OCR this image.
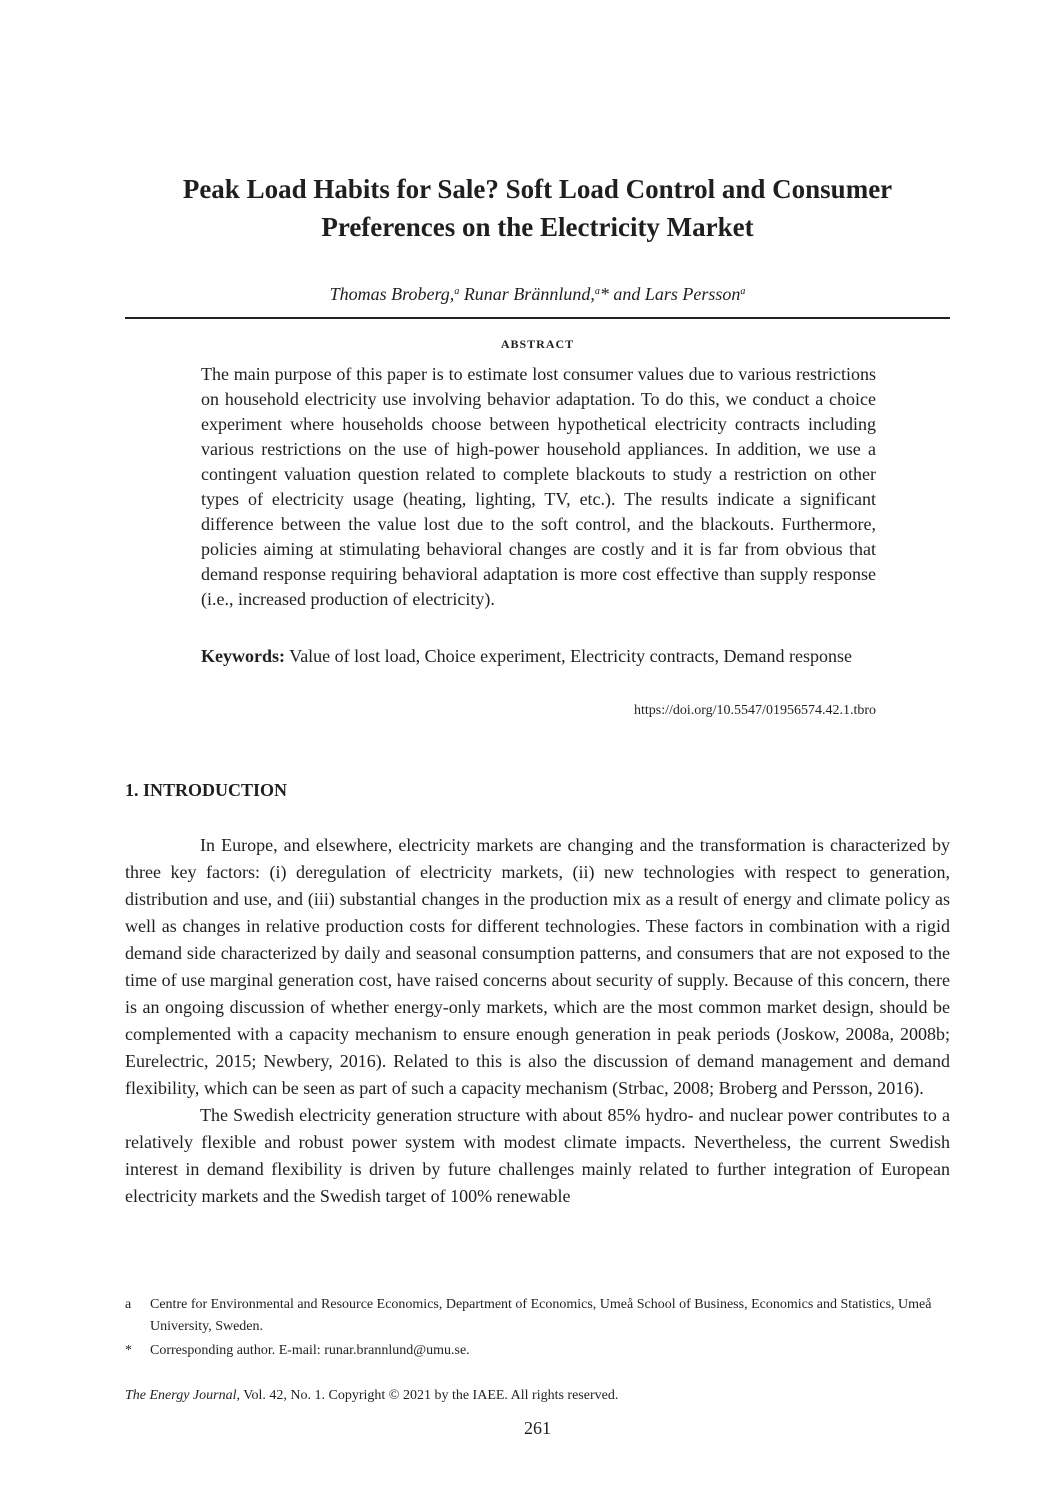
Peak Load Habits for Sale? Soft Load Control and Consumer
Preferences on the Electricity Market
Thomas Broberg,$^a$ Runar Brännlund,$^a$* and Lars Persson$^a$
ABSTRACT

The main purpose of this paper is to estimate lost consumer values due to various restrictions on household electricity use involving behavior adaptation. To do this, we conduct a choice experiment where households choose between hypothetical electricity contracts including various restrictions on the use of high-power household appliances. In addition, we use a contingent valuation question related to complete blackouts to study a restriction on other types of electricity usage (heating, lighting, TV, etc.). The results indicate a significant difference between the value lost due to the soft control, and the blackouts. Furthermore, policies aiming at stimulating behavioral changes are costly and it is far from obvious that demand response requiring behavioral adaptation is more cost effective than supply response (i.e., increased production of electricity).

Keywords: Value of lost load, Choice experiment, Electricity contracts, Demand response

https://doi.org/10.5547/01956574.42.1.tbro
1. INTRODUCTION

In Europe, and elsewhere, electricity markets are changing and the transformation is characterized by three key factors: (i) deregulation of electricity markets, (ii) new technologies with respect to generation, distribution and use, and (iii) substantial changes in the production mix as a result of energy and climate policy as well as changes in relative production costs for different technologies. These factors in combination with a rigid demand side characterized by daily and seasonal consumption patterns, and consumers that are not exposed to the time of use marginal generation cost, have raised concerns about security of supply. Because of this concern, there is an ongoing discussion of whether energy-only markets, which are the most common market design, should be complemented with a capacity mechanism to ensure enough generation in peak periods (Joskow, 2008a, 2008b; Eurelectric, 2015; Newbery, 2016). Related to this is also the discussion of demand management and demand flexibility, which can be seen as part of such a capacity mechanism (Strbac, 2008; Broberg and Persson, 2016).

The Swedish electricity generation structure with about 85% hydro- and nuclear power contributes to a relatively flexible and robust power system with modest climate impacts. Nevertheless, the current Swedish interest in demand flexibility is driven by future challenges mainly related to further integration of European electricity markets and the Swedish target of 100% renewable

a	Centre for Environmental and Resource Economics, Department of Economics, Umeå School of Business, Economics and Statistics, Umeå University, Sweden.
*	Corresponding author. E-mail: runar.brannlund@umu.se.
The Energy Journal, Vol. 42, No. 1. Copyright © 2021 by the IAEE. All rights reserved.
261
